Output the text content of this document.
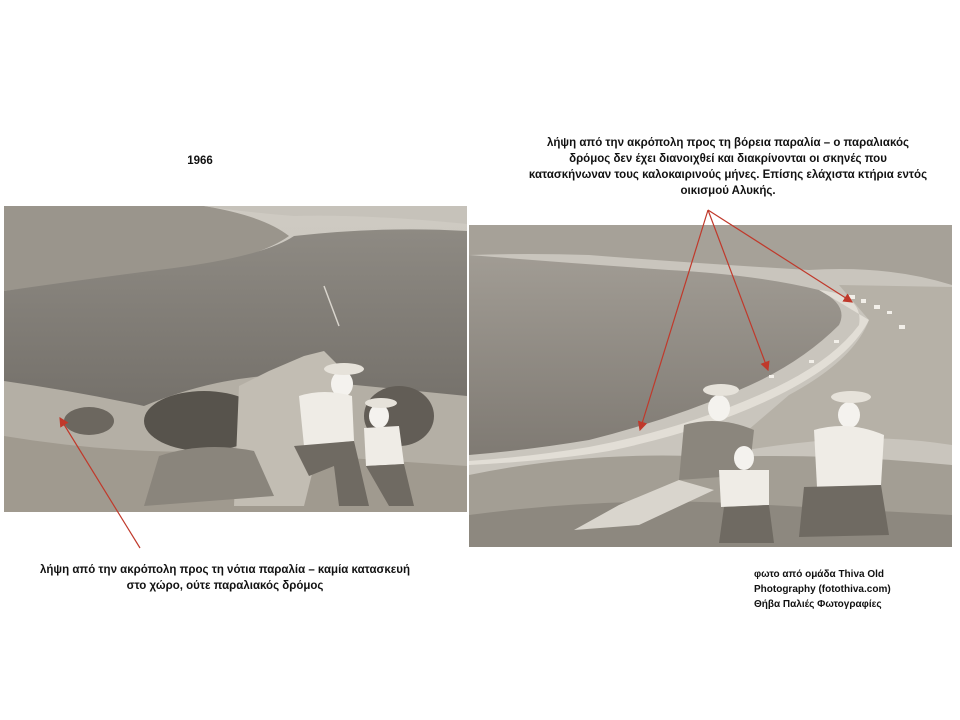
1966
λήψη από την ακρόπολη προς τη βόρεια παραλία – ο παραλιακός δρόμος δεν έχει διανοιχθεί και διακρίνονται οι σκηνές που κατασκήνωναν τους καλοκαιρινούς μήνες. Επίσης ελάχιστα κτήρια εντός οικισμού Αλυκής.
λήψη από την ακρόπολη προς τη νότια παραλία – καμία κατασκευή στο χώρο, ούτε παραλιακός δρόμος
φωτο από ομάδα Thiva Old
Photography (fotothiva.com)
Θήβα Παλιές Φωτογραφίες
